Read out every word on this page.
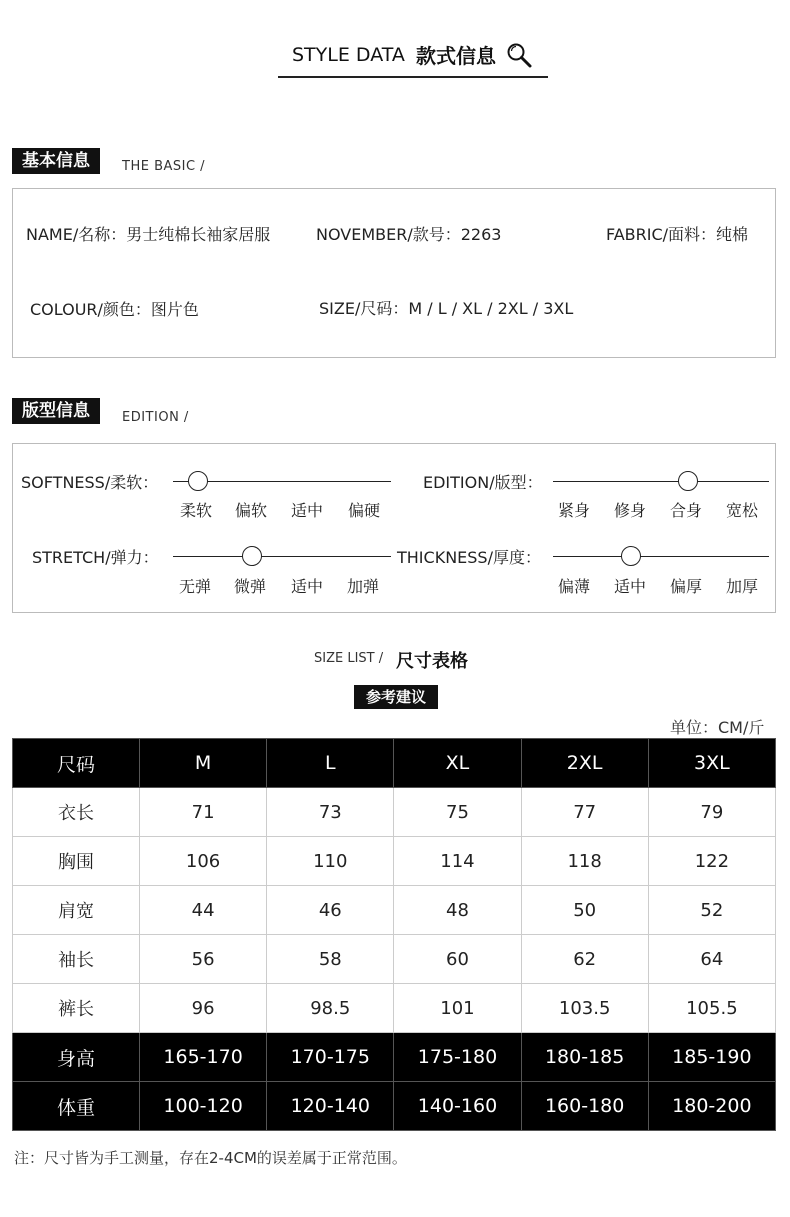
STYLE DATA 款式信息
基本信息	THE BASIC /
NAME/名称：男士纯棉长袖家居服	NOVEMBER/款号：2263	FABRIC/面料：纯棉
COLOUR/颜色：图片色	SIZE/尺码：M / L / XL / 2XL / 3XL
版型信息	EDITION /
SOFTNESS/柔软：
柔软 偏软 适中 偏硬
EDITION/版型：
紧身 修身 合身 宽松
STRETCH/弹力：
无弹 微弹 适中 加弹
THICKNESS/厚度：
偏薄 适中 偏厚 加厚
SIZE LIST / 尺寸表格
参考建议
单位：CM/斤
尺码	M	L	XL	2XL	3XL
衣长	71	73	75	77	79
胸围	106	110	114	118	122
肩宽	44	46	48	50	52
袖长	56	58	60	62	64
裤长	96	98.5	101	103.5	105.5
身高	165-170	170-175	175-180	180-185	185-190
体重	100-120	120-140	140-160	160-180	180-200
注：尺寸皆为手工测量，存在2-4CM的误差属于正常范围。
